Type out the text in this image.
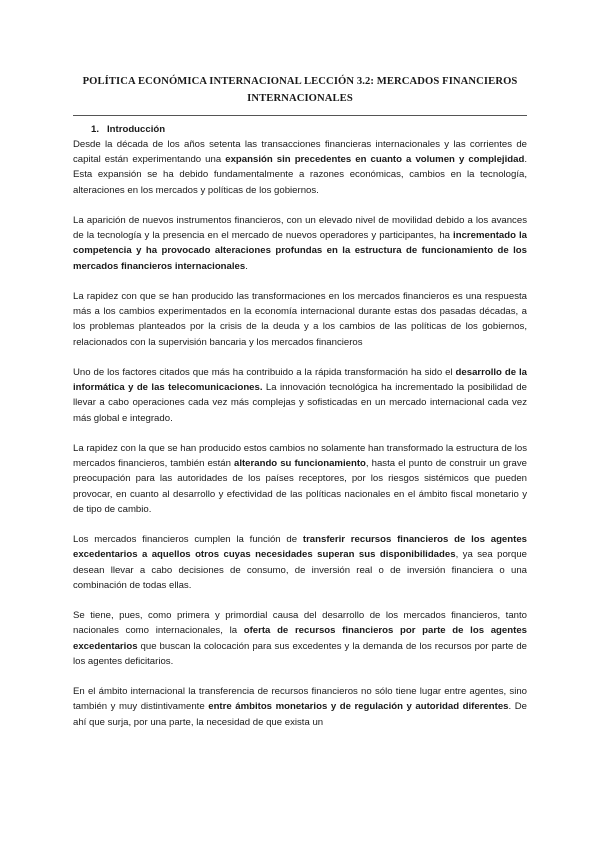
POLÍTICA ECONÓMICA INTERNACIONAL LECCIÓN 3.2: MERCADOS FINANCIEROS
INTERNACIONALES
1. Introducción

Desde la década de los años setenta las transacciones financieras internacionales y las corrientes de capital están experimentando una expansión sin precedentes en cuanto a volumen y complejidad. Esta expansión se ha debido fundamentalmente a razones económicas, cambios en la tecnología, alteraciones en los mercados y políticas de los gobiernos.

La aparición de nuevos instrumentos financieros, con un elevado nivel de movilidad debido a los avances de la tecnología y la presencia en el mercado de nuevos operadores y participantes, ha incrementado la competencia y ha provocado alteraciones profundas en la estructura de funcionamiento de los mercados financieros internacionales.

La rapidez con que se han producido las transformaciones en los mercados financieros es una respuesta más a los cambios experimentados en la economía internacional durante estas dos pasadas décadas, a los problemas planteados por la crisis de la deuda y a los cambios de las políticas de los gobiernos, relacionados con la supervisión bancaria y los mercados financieros

Uno de los factores citados que más ha contribuido a la rápida transformación ha sido el desarrollo de la informática y de las telecomunicaciones. La innovación tecnológica ha incrementado la posibilidad de llevar a cabo operaciones cada vez más complejas y sofisticadas en un mercado internacional cada vez más global e integrado.

La rapidez con la que se han producido estos cambios no solamente han transformado la estructura de los mercados financieros, también están alterando su funcionamiento, hasta el punto de construir un grave preocupación para las autoridades de los países receptores, por los riesgos sistémicos que pueden provocar, en cuanto al desarrollo y efectividad de las políticas nacionales en el ámbito fiscal monetario y de tipo de cambio.

Los mercados financieros cumplen la función de transferir recursos financieros de los agentes excedentarios a aquellos otros cuyas necesidades superan sus disponibilidades, ya sea porque desean llevar a cabo decisiones de consumo, de inversión real o de inversión financiera o una combinación de todas ellas.

Se tiene, pues, como primera y primordial causa del desarrollo de los mercados financieros, tanto nacionales como internacionales, la oferta de recursos financieros por parte de los agentes excedentarios que buscan la colocación para sus excedentes y la demanda de los recursos por parte de los agentes deficitarios.

En el ámbito internacional la transferencia de recursos financieros no sólo tiene lugar entre agentes, sino también y muy distintivamente entre ámbitos monetarios y de regulación y autoridad diferentes. De ahí que surja, por una parte, la necesidad de que exista un
